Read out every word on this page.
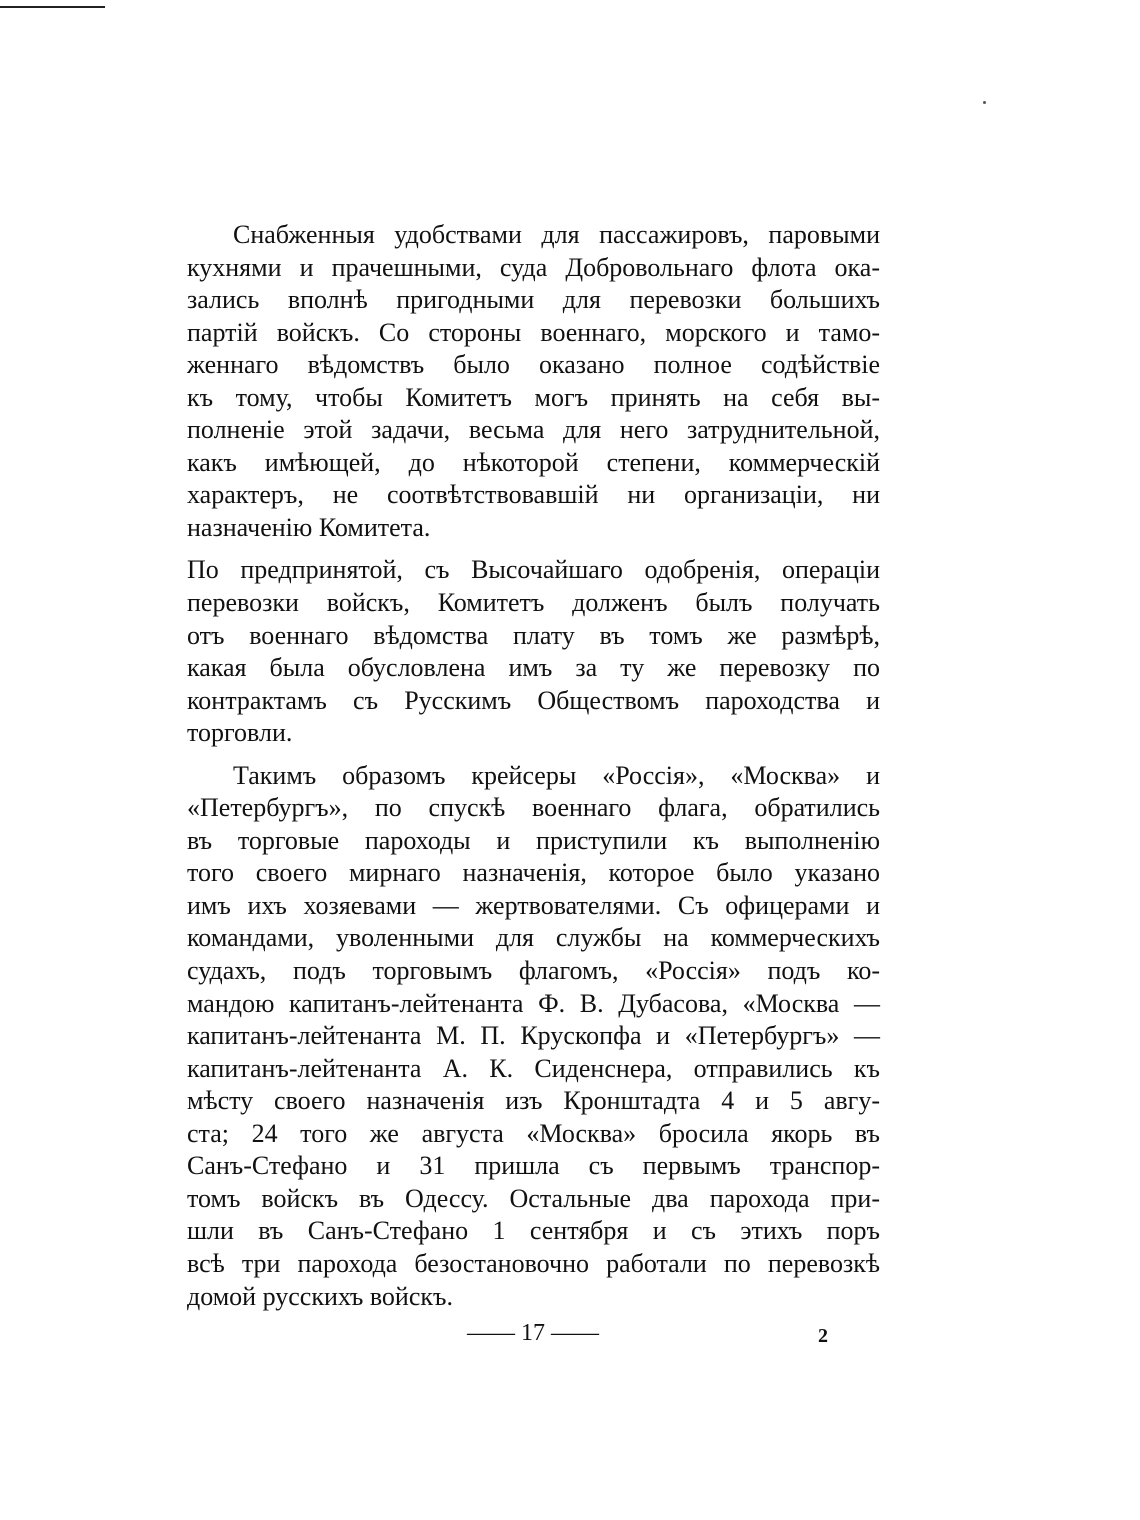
Снабженныя удобствами для пассажировъ, паровыми
кухнями и прачешными, суда Добровольнаго флота ока-
зались вполнѣ пригодными для перевозки большихъ
партій войскъ. Со стороны военнаго, морского и тамо-
женнаго вѣдомствъ было оказано полное содѣйствіе
къ тому, чтобы Комитетъ могъ принять на себя вы-
полненіе этой задачи, весьма для него затруднительной,
какъ имѣющей, до нѣкоторой степени, коммерческій
характеръ, не соотвѣтствовавшій ни организаціи, ни
назначенію Комитета.
По предпринятой, съ Высочайшаго одобренія, операціи
перевозки войскъ, Комитетъ долженъ былъ получать
отъ военнаго вѣдомства плату въ томъ же размѣрѣ,
какая была обусловлена имъ за ту же перевозку по
контрактамъ съ Русскимъ Обществомъ пароходства и
торговли.
Такимъ образомъ крейсеры «Россія», «Москва» и
«Петербургъ», по спускѣ военнаго флага, обратились
въ торговые пароходы и приступили къ выполненію
того своего мирнаго назначенія, которое было указано
имъ ихъ хозяевами — жертвователями. Съ офицерами и
командами, уволенными для службы на коммерческихъ
судахъ, подъ торговымъ флагомъ, «Россія» подъ ко-
мандою капитанъ-лейтенанта Ф. В. Дубасова, «Москва —
капитанъ-лейтенанта М. П. Крускопфа и «Петербургъ» —
капитанъ-лейтенанта А. К. Сиденснера, отправились къ
мѣсту своего назначенія изъ Кронштадта 4 и 5 авгу-
ста; 24 того же августа «Москва» бросила якорь въ
Санъ-Стефано и 31 пришла съ первымъ транспор-
томъ войскъ въ Одессу. Остальные два парохода при-
шли въ Санъ-Стефано 1 сентября и съ этихъ поръ
всѣ три парохода безостановочно работали по перевозкѣ
домой русскихъ войскъ.
—— 17 ——	2
